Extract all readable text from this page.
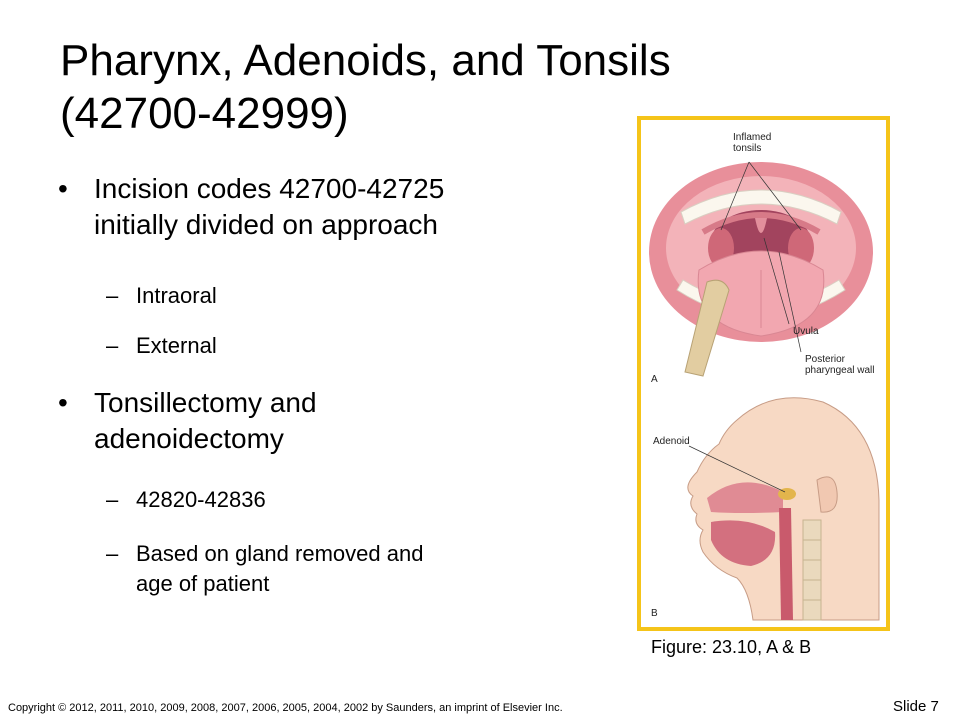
Pharynx, Adenoids, and Tonsils
(42700-42999)
• Incision codes 42700-42725
initially divided on approach
– Intraoral
– External
• Tonsillectomy and
adenoidectomy
– 42820-42836
– Based on gland removed and
age of patient
Inflamed
tonsils
Uvula
Posterior
pharyngeal wall
A
Adenoid
B
Figure: 23.10, A & B
Copyright © 2012, 2011, 2010, 2009, 2008, 2007, 2006, 2005, 2004, 2002 by Saunders, an imprint of Elsevier Inc.	Slide 7
